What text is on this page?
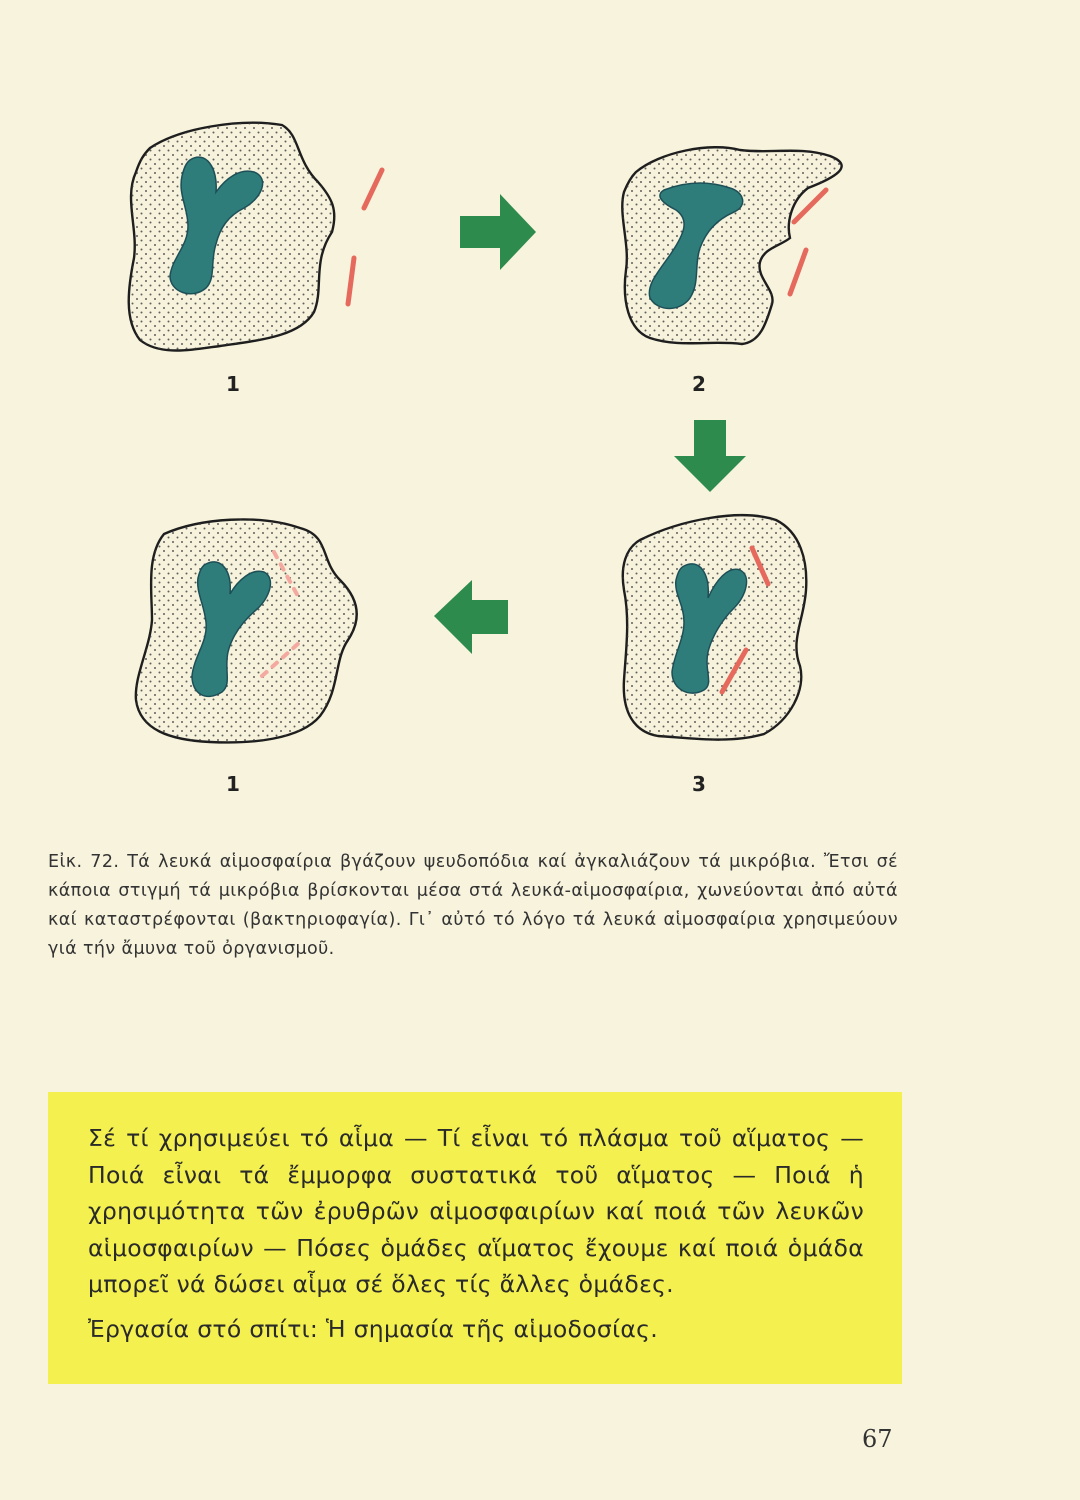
1	2
3
1

Εἰκ. 72. Τά λευκά αἱμοσφαίρια βγάζουν ψευδοπόδια καί ἀγκαλιάζουν τά μικρόβια. Ἔτσι σέ κάποια στιγμή τά μικρόβια βρίσκονται μέσα στά λευκά-αἱμοσφαίρια, χωνεύονται ἀπό αὐτά καί καταστρέφονται (βακτηριοφαγία). Γι᾽ αὐτό τό λόγο τά λευκά αἱμοσφαίρια χρησιμεύουν γιά τήν ἄμυνα τοῦ ὀργανισμοῦ.

Σέ τί χρησιμεύει τό αἷμα — Τί εἶναι τό πλάσμα τοῦ αἵματος — Ποιά εἶναι τά ἔμμορφα συστατικά τοῦ αἵματος — Ποιά ἡ χρησιμότητα τῶν ἐρυθρῶν αἱμοσφαιρίων καί ποιά τῶν λευκῶν αἱμοσφαιρίων — Πόσες ὁμάδες αἵματος ἔχουμε καί ποιά ὁμάδα μπορεῖ νά δώσει αἷμα σέ ὅλες τίς ἄλλες ὁμάδες.

Ἐργασία στό σπίτι: Ἡ σημασία τῆς αἱμοδοσίας.

67
